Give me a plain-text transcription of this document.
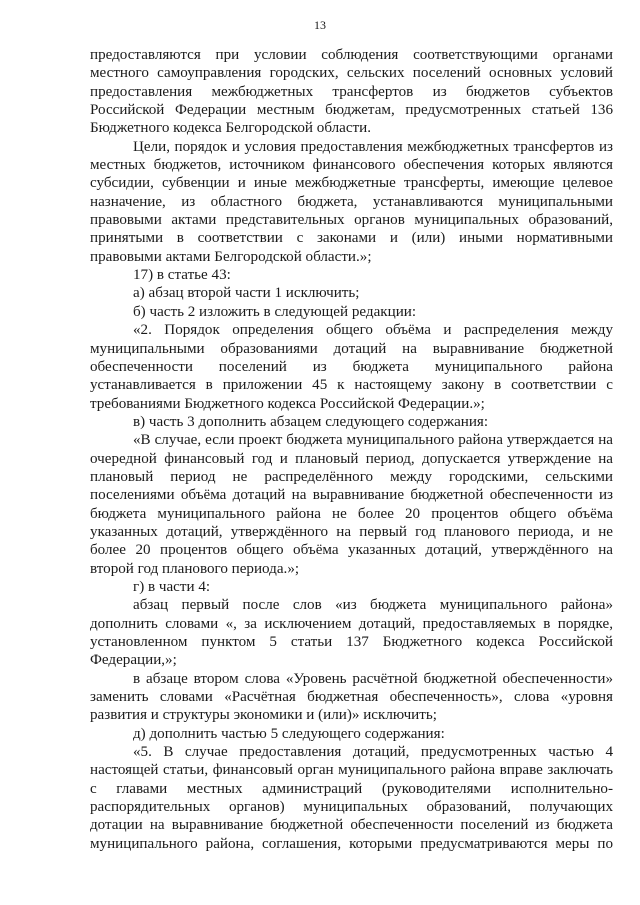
13
предоставляются при условии соблюдения соответствующими органами
местного самоуправления городских, сельских поселений основных условий
предоставления межбюджетных трансфертов из бюджетов субъектов
Российской Федерации местным бюджетам, предусмотренных статьей 136
Бюджетного кодекса Белгородской области.
Цели, порядок и условия предоставления межбюджетных трансфертов из
местных бюджетов, источником финансового обеспечения которых являются
субсидии, субвенции и иные межбюджетные трансферты, имеющие целевое
назначение, из областного бюджета, устанавливаются муниципальными
правовыми актами представительных органов муниципальных образований,
принятыми в соответствии с законами и (или) иными нормативными
правовыми актами Белгородской области.»;
17) в статье 43:
а) абзац второй части 1 исключить;
б) часть 2 изложить в следующей редакции:
«2. Порядок определения общего объёма и распределения между
муниципальными образованиями дотаций на выравнивание бюджетной
обеспеченности поселений из бюджета муниципального района
устанавливается в приложении 45 к настоящему закону в соответствии с
требованиями Бюджетного кодекса Российской Федерации.»;
в) часть 3 дополнить абзацем следующего содержания:
«В случае, если проект бюджета муниципального района утверждается на
очередной финансовый год и плановый период, допускается утверждение на
плановый период не распределённого между городскими, сельскими
поселениями объёма дотаций на выравнивание бюджетной обеспеченности из
бюджета муниципального района не более 20 процентов общего объёма
указанных дотаций, утверждённого на первый год планового периода, и не
более 20 процентов общего объёма указанных дотаций, утверждённого на
второй год планового периода.»;
г) в части 4:
абзац первый после слов «из бюджета муниципального района»
дополнить словами «, за исключением дотаций, предоставляемых в порядке,
установленном пунктом 5 статьи 137 Бюджетного кодекса Российской
Федерации,»;
в абзаце втором слова «Уровень расчётной бюджетной обеспеченности»
заменить словами «Расчётная бюджетная обеспеченность», слова «уровня
развития и структуры экономики и (или)» исключить;
д) дополнить частью 5 следующего содержания:
«5. В случае предоставления дотаций, предусмотренных частью 4
настоящей статьи, финансовый орган муниципального района вправе заключать
с главами местных администраций (руководителями исполнительно-
распорядительных органов) муниципальных образований, получающих
дотации на выравнивание бюджетной обеспеченности поселений из бюджета
муниципального района, соглашения, которыми предусматриваются меры по
